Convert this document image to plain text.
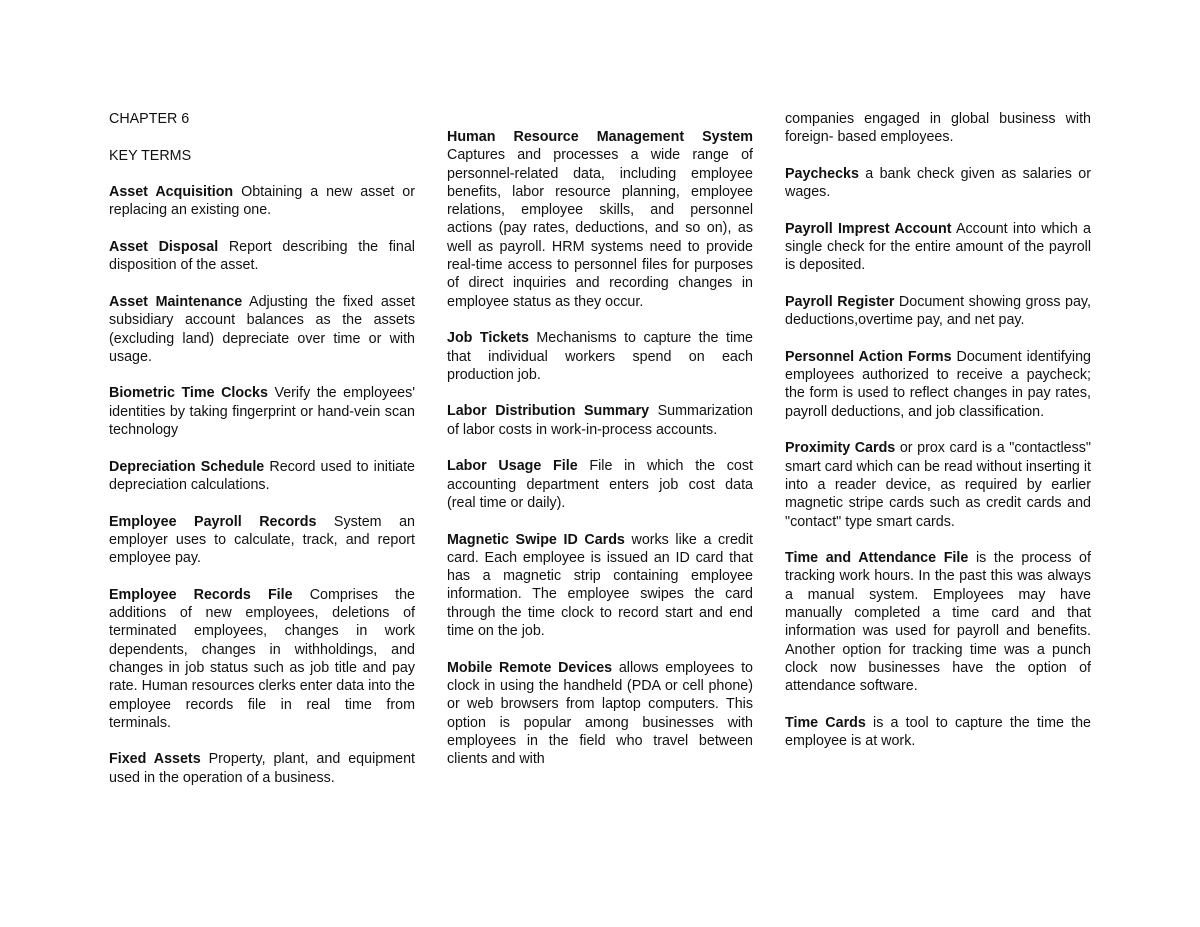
CHAPTER 6
KEY TERMS
Asset Acquisition Obtaining a new asset or replacing an existing one.
Asset Disposal Report describing the final disposition of the asset.
Asset Maintenance Adjusting the fixed asset subsidiary account balances as the assets (excluding land) depreciate over time or with usage.
Biometric Time Clocks Verify the employees' identities by taking fingerprint or hand-vein scan technology
Depreciation Schedule Record used to initiate depreciation calculations.
Employee Payroll Records System an employer uses to calculate, track, and report employee pay.
Employee Records File Comprises the additions of new employees, deletions of terminated employees, changes in work dependents, changes in withholdings, and changes in job status such as job title and pay rate. Human resources clerks enter data into the employee records file in real time from terminals.
Fixed Assets Property, plant, and equipment used in the operation of a business.
Human Resource Management System Captures and processes a wide range of personnel-related data, including employee benefits, labor resource planning, employee relations, employee skills, and personnel actions (pay rates, deductions, and so on), as well as payroll. HRM systems need to provide real-time access to personnel files for purposes of direct inquiries and recording changes in employee status as they occur.
Job Tickets Mechanisms to capture the time that individual workers spend on each production job.
Labor Distribution Summary Summarization of labor costs in work-in-process accounts.
Labor Usage File File in which the cost accounting department enters job cost data (real time or daily).
Magnetic Swipe ID Cards works like a credit card. Each employee is issued an ID card that has a magnetic strip containing employee information. The employee swipes the card through the time clock to record start and end time on the job.
Mobile Remote Devices allows employees to clock in using the handheld (PDA or cell phone) or web browsers from laptop computers. This option is popular among businesses with employees in the field who travel between clients and with
companies engaged in global business with foreign- based employees.
Paychecks a bank check given as salaries or wages.
Payroll Imprest Account Account into which a single check for the entire amount of the payroll is deposited.
Payroll Register Document showing gross pay, deductions,overtime pay, and net pay.
Personnel Action Forms Document identifying employees authorized to receive a paycheck; the form is used to reflect changes in pay rates, payroll deductions, and job classification.
Proximity Cards or prox card is a "contactless" smart card which can be read without inserting it into a reader device, as required by earlier magnetic stripe cards such as credit cards and "contact" type smart cards.
Time and Attendance File is the process of tracking work hours. In the past this was always a manual system. Employees may have manually completed a time card and that information was used for payroll and benefits. Another option for tracking time was a punch clock now businesses have the option of attendance software.
Time Cards is a tool to capture the time the employee is at work.
